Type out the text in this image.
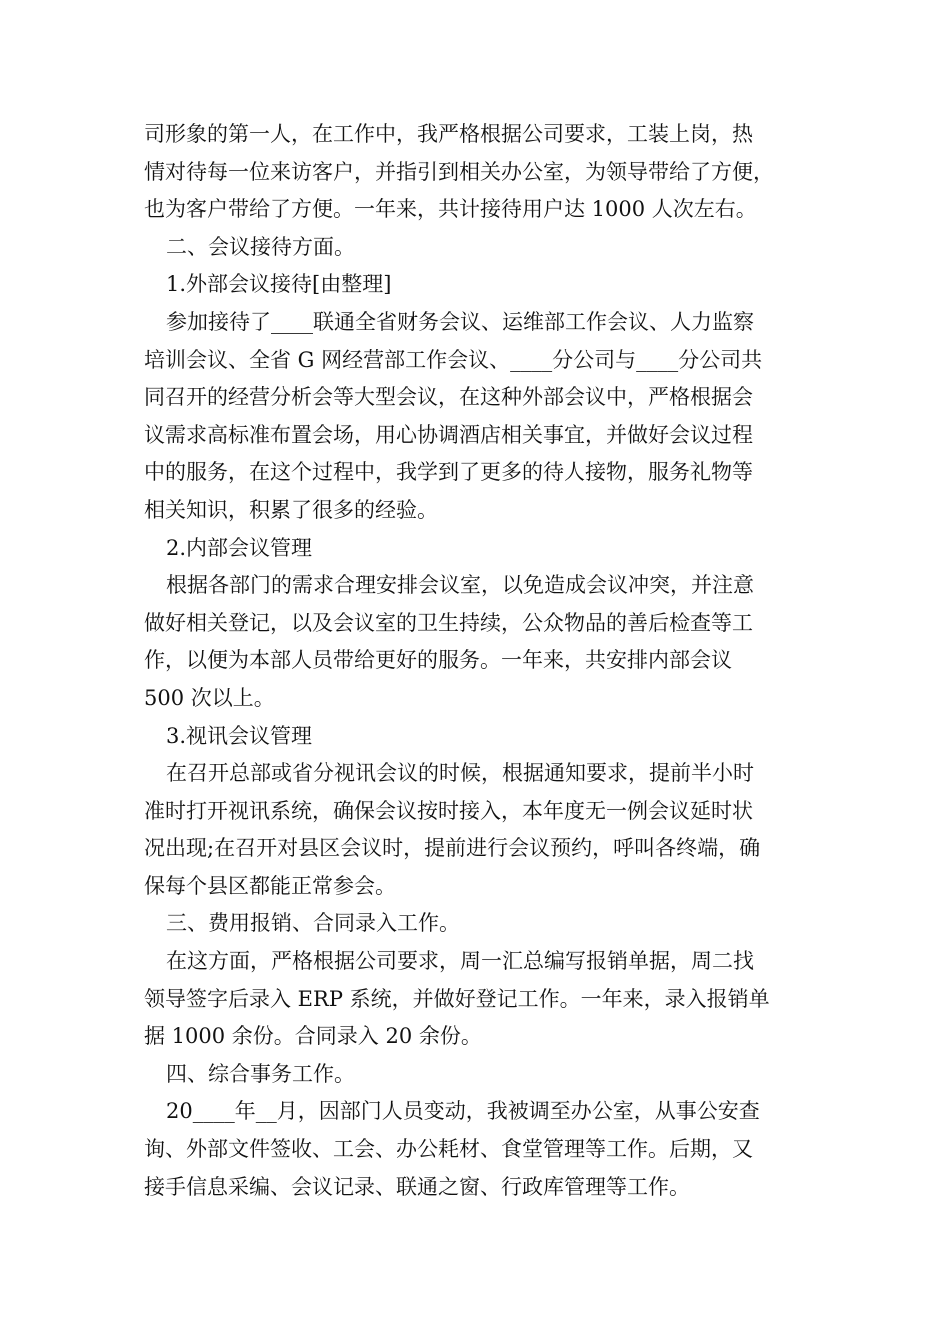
司形象的第一人，在工作中，我严格根据公司要求，工装上岗，热
情对待每一位来访客户，并指引到相关办公室，为领导带给了方便，
也为客户带给了方便。一年来，共计接待用户达 1000 人次左右。
二、会议接待方面。
1.外部会议接待[由整理]
参加接待了____联通全省财务会议、运维部工作会议、人力监察
培训会议、全省 G 网经营部工作会议、____分公司与____分公司共
同召开的经营分析会等大型会议，在这种外部会议中，严格根据会
议需求高标准布置会场，用心协调酒店相关事宜，并做好会议过程
中的服务，在这个过程中，我学到了更多的待人接物，服务礼物等
相关知识，积累了很多的经验。
2.内部会议管理
根据各部门的需求合理安排会议室，以免造成会议冲突，并注意
做好相关登记，以及会议室的卫生持续，公众物品的善后检查等工
作，以便为本部人员带给更好的服务。一年来，共安排内部会议
500 次以上。
3.视讯会议管理
在召开总部或省分视讯会议的时候，根据通知要求，提前半小时
准时打开视讯系统，确保会议按时接入，本年度无一例会议延时状
况出现;在召开对县区会议时，提前进行会议预约，呼叫各终端，确
保每个县区都能正常参会。
三、费用报销、合同录入工作。
在这方面，严格根据公司要求，周一汇总编写报销单据，周二找
领导签字后录入 ERP 系统，并做好登记工作。一年来，录入报销单
据 1000 余份。合同录入 20 余份。
四、综合事务工作。
20____年__月，因部门人员变动，我被调至办公室，从事公安查
询、外部文件签收、工会、办公耗材、食堂管理等工作。后期，又
接手信息采编、会议记录、联通之窗、行政库管理等工作。
